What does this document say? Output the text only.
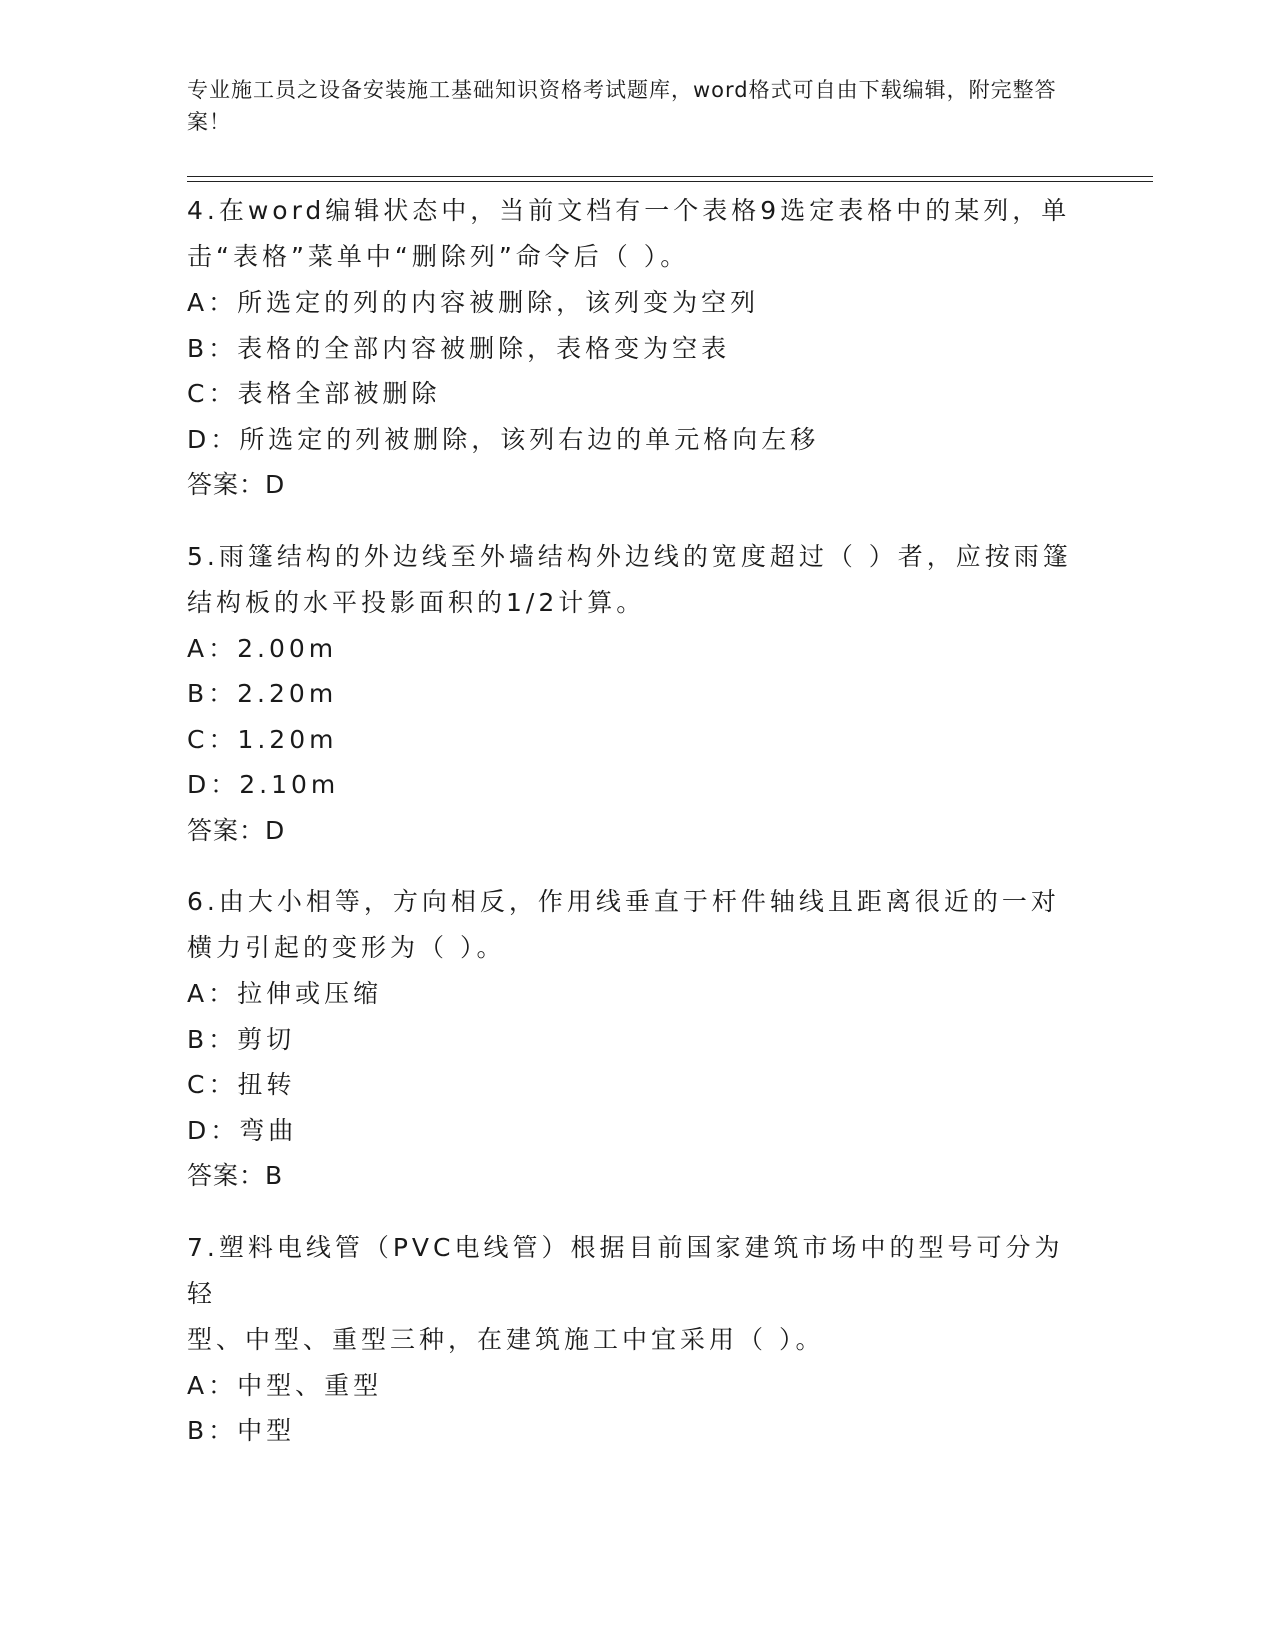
专业施工员之设备安装施工基础知识资格考试题库，word格式可自由下载编辑，附完整答案！
4.在word编辑状态中，当前文档有一个表格9选定表格中的某列，单
击“表格”菜单中“删除列”命令后（ ）。
A：所选定的列的内容被删除，该列变为空列
B：表格的全部内容被删除，表格变为空表
C：表格全部被删除
D：所选定的列被删除，该列右边的单元格向左移
答案：D
5.雨篷结构的外边线至外墙结构外边线的宽度超过（ ）者，应按雨篷
结构板的水平投影面积的1/2计算。
A：2.00m
B：2.20m
C：1.20m
D：2.10m
答案：D
6.由大小相等，方向相反，作用线垂直于杆件轴线且距离很近的一对
横力引起的变形为（ ）。
A：拉伸或压缩
B：剪切
C：扭转
D：弯曲
答案：B
7.塑料电线管（PVC电线管）根据目前国家建筑市场中的型号可分为轻
型、中型、重型三种，在建筑施工中宜采用（ ）。
A：中型、重型
B：中型
